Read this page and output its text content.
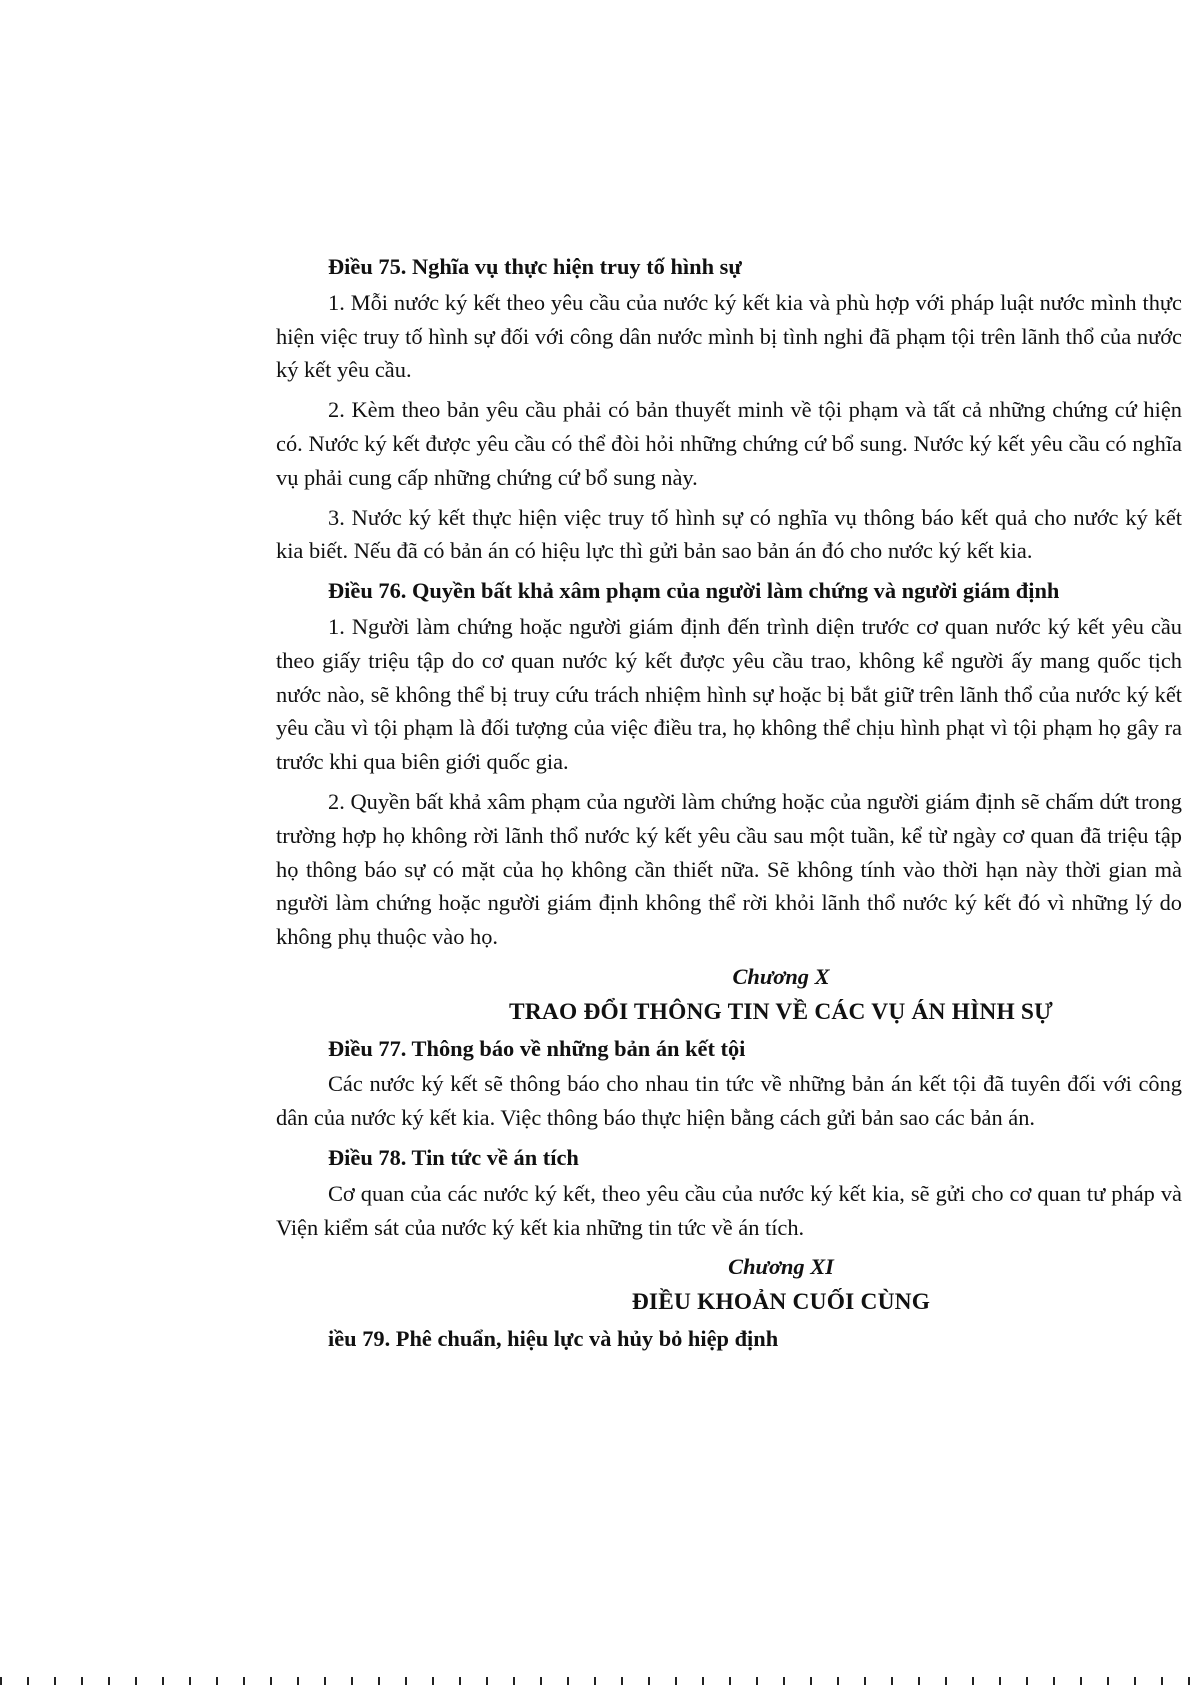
Điều 75. Nghĩa vụ thực hiện truy tố hình sự

1. Mỗi nước ký kết theo yêu cầu của nước ký kết kia và phù hợp với pháp luật nước mình thực hiện việc truy tố hình sự đối với công dân nước mình bị tình nghi đã phạm tội trên lãnh thổ của nước ký kết yêu cầu.

2. Kèm theo bản yêu cầu phải có bản thuyết minh về tội phạm và tất cả những chứng cứ hiện có. Nước ký kết được yêu cầu có thể đòi hỏi những chứng cứ bổ sung. Nước ký kết yêu cầu có nghĩa vụ phải cung cấp những chứng cứ bổ sung này.

3. Nước ký kết thực hiện việc truy tố hình sự có nghĩa vụ thông báo kết quả cho nước ký kết kia biết. Nếu đã có bản án có hiệu lực thì gửi bản sao bản án đó cho nước ký kết kia.

Điều 76. Quyền bất khả xâm phạm của người làm chứng và người giám định

1. Người làm chứng hoặc người giám định đến trình diện trước cơ quan nước ký kết yêu cầu theo giấy triệu tập do cơ quan nước ký kết được yêu cầu trao, không kể người ấy mang quốc tịch nước nào, sẽ không thể bị truy cứu trách nhiệm hình sự hoặc bị bắt giữ trên lãnh thổ của nước ký kết yêu cầu vì tội phạm là đối tượng của việc điều tra, họ không thể chịu hình phạt vì tội phạm họ gây ra trước khi qua biên giới quốc gia.

2. Quyền bất khả xâm phạm của người làm chứng hoặc của người giám định sẽ chấm dứt trong trường hợp họ không rời lãnh thổ nước ký kết yêu cầu sau một tuần, kể từ ngày cơ quan đã triệu tập họ thông báo sự có mặt của họ không cần thiết nữa. Sẽ không tính vào thời hạn này thời gian mà người làm chứng hoặc người giám định không thể rời khỏi lãnh thổ nước ký kết đó vì những lý do không phụ thuộc vào họ.

Chương X

TRAO ĐỔI THÔNG TIN VỀ CÁC VỤ ÁN HÌNH SỰ

Điều 77. Thông báo về những bản án kết tội

Các nước ký kết sẽ thông báo cho nhau tin tức về những bản án kết tội đã tuyên đối với công dân của nước ký kết kia. Việc thông báo thực hiện bằng cách gửi bản sao các bản án.

Điều 78. Tin tức về án tích

Cơ quan của các nước ký kết, theo yêu cầu của nước ký kết kia, sẽ gửi cho cơ quan tư pháp và Viện kiểm sát của nước ký kết kia những tin tức về án tích.

Chương XI

ĐIỀU KHOẢN CUỐI CÙNG

iều 79. Phê chuẩn, hiệu lực và hủy bỏ hiệp định
